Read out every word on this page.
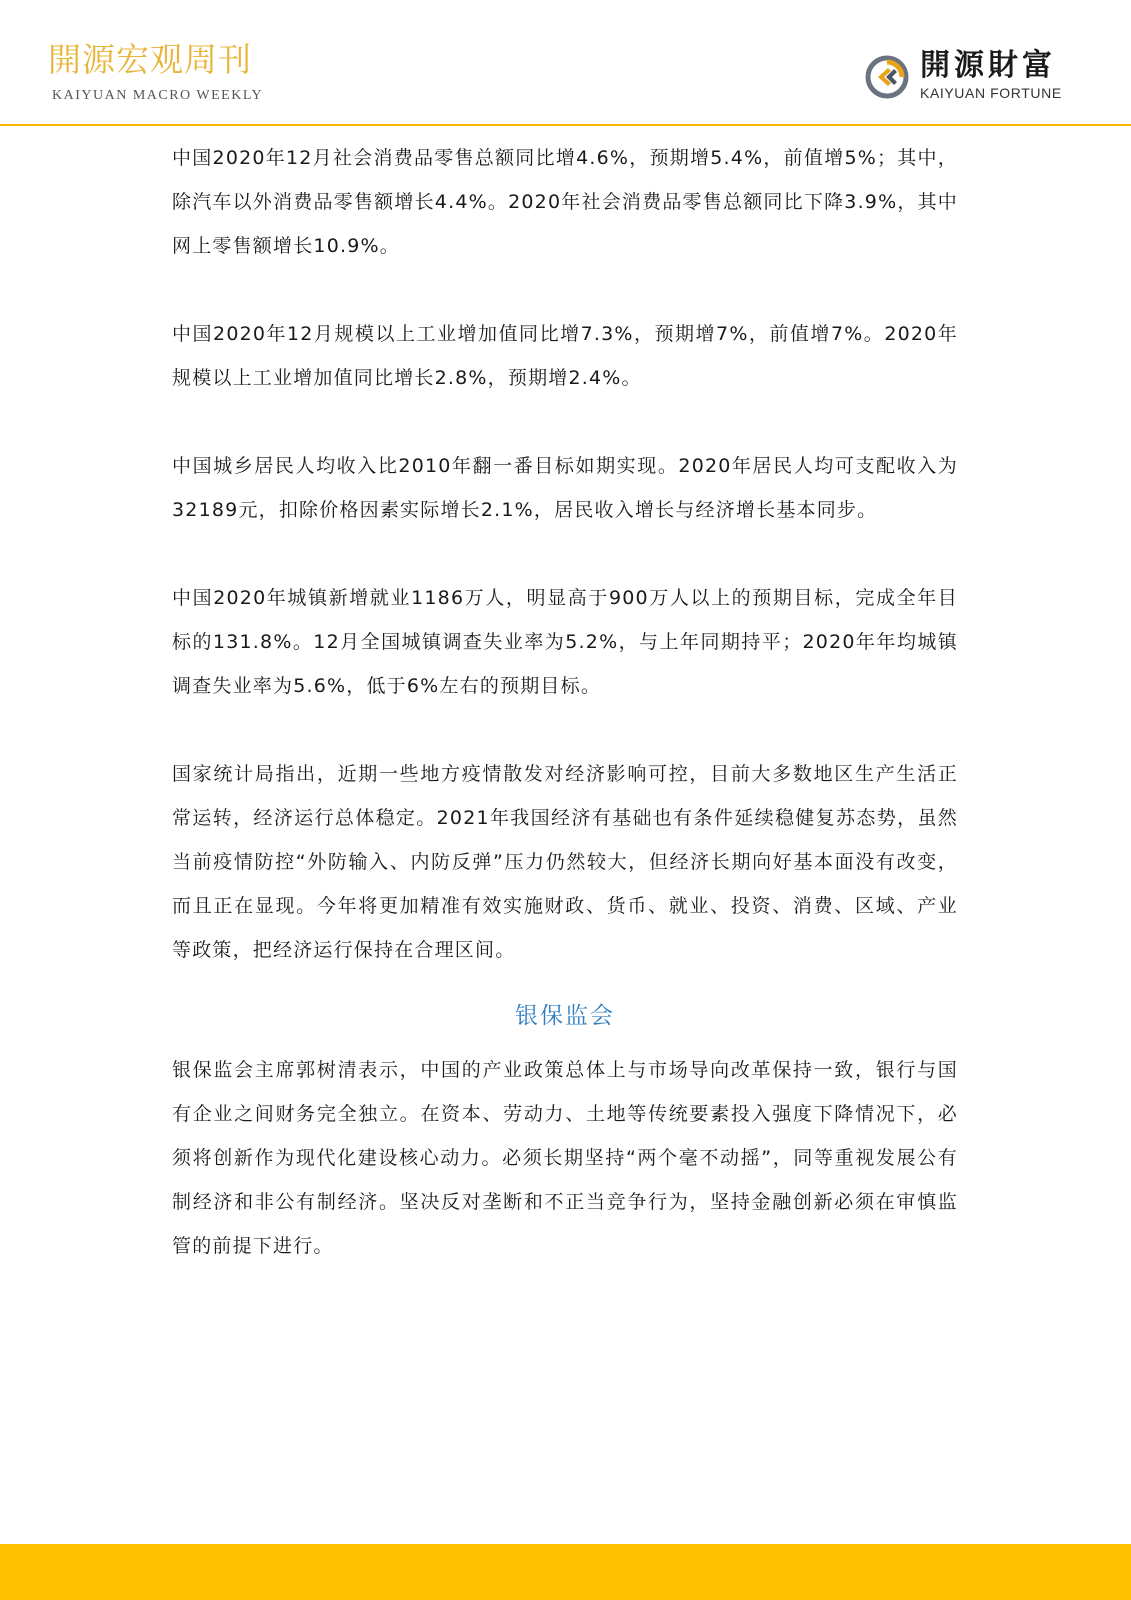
開源宏观周刊
KAIYUAN MACRO WEEKLY
開源財富
KAIYUAN FORTUNE

中国2020年12月社会消费品零售总额同比增4.6%，预期增5.4%，前值增5%；其中，除汽车以外消费品零售额增长4.4%。2020年社会消费品零售总额同比下降3.9%，其中网上零售额增长10.9%。

中国2020年12月规模以上工业增加值同比增7.3%，预期增7%，前值增7%。2020年规模以上工业增加值同比增长2.8%，预期增2.4%。

中国城乡居民人均收入比2010年翻一番目标如期实现。2020年居民人均可支配收入为32189元，扣除价格因素实际增长2.1%，居民收入增长与经济增长基本同步。

中国2020年城镇新增就业1186万人，明显高于900万人以上的预期目标，完成全年目标的131.8%。12月全国城镇调查失业率为5.2%，与上年同期持平；2020年年均城镇调查失业率为5.6%，低于6%左右的预期目标。

国家统计局指出，近期一些地方疫情散发对经济影响可控，目前大多数地区生产生活正常运转，经济运行总体稳定。2021年我国经济有基础也有条件延续稳健复苏态势，虽然当前疫情防控“外防输入、内防反弹”压力仍然较大，但经济长期向好基本面没有改变，而且正在显现。今年将更加精准有效实施财政、货币、就业、投资、消费、区域、产业等政策，把经济运行保持在合理区间。

银保监会

银保监会主席郭树清表示，中国的产业政策总体上与市场导向改革保持一致，银行与国有企业之间财务完全独立。在资本、劳动力、土地等传统要素投入强度下降情况下，必须将创新作为现代化建设核心动力。必须长期坚持“两个毫不动摇”，同等重视发展公有制经济和非公有制经济。坚决反对垄断和不正当竞争行为，坚持金融创新必须在审慎监管的前提下进行。
